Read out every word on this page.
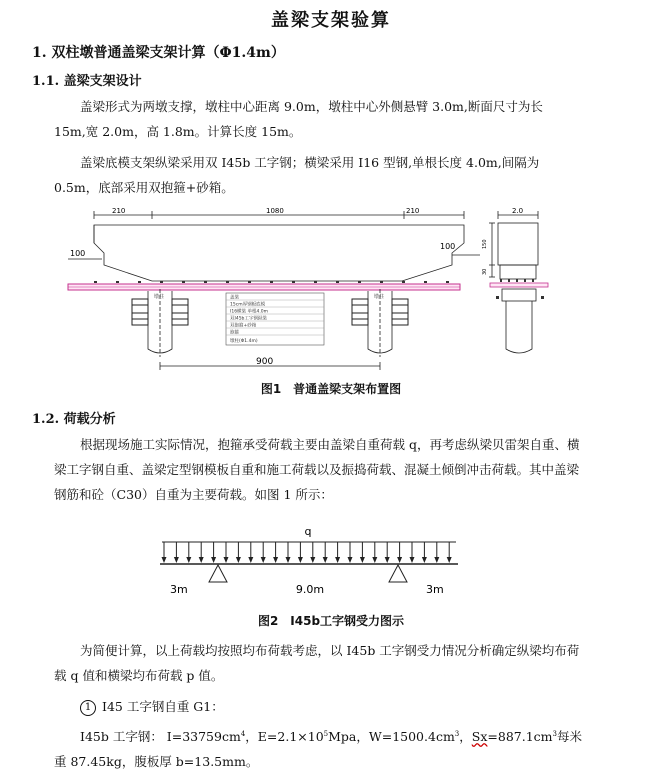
盖梁支架验算
1. 双柱墩普通盖梁支架计算（Φ1.4m）
1.1. 盖梁支架设计

盖梁形式为两墩支撑，墩柱中心距离 9.0m，墩柱中心外侧悬臂 3.0m,断面尺寸为长 15m,宽 2.0m，高 1.8m。计算长度 15m。

盖梁底模支架纵梁采用双 I45b 工字钢；横梁采用 I16 型钢,单根长度 4.0m,间隔为 0.5m，底部采用双抱箍+砂箱。

盖梁
15cm厚钢板底模
I16横梁 单根4.0m
双I45b工字钢纵梁
双抱箍+砂箱
抱箍
墩柱(Φ1.4m)
墩柱	墩柱
210	1080	210
100
100
900
2.0
150
30
图1　普通盖梁支架布置图
1.2. 荷载分析

根据现场施工实际情况，抱箍承受荷载主要由盖梁自重荷载 q，再考虑纵梁贝雷架自重、横梁工字钢自重、盖梁定型钢模板自重和施工荷载以及振捣荷载、混凝土倾倒冲击荷载。其中盖梁钢筋和砼（C30）自重为主要荷载。如图 1 所示：

q
3m	9.0m	3m
图2　I45b工字钢受力图示

为简便计算，以上荷载均按照均布荷载考虑，以 I45b 工字钢受力情况分析确定纵梁均布荷载 q 值和横梁均布荷载 p 值。

1 I45 工字钢自重 G1：

I45b 工字钢： $I=33759cm^4$，$E=2.1\times 10^5Mpa$，$W=1500.4cm^3$，$Sx=887.1cm^3$每米重 87.45kg，腹板厚 b=13.5mm。
